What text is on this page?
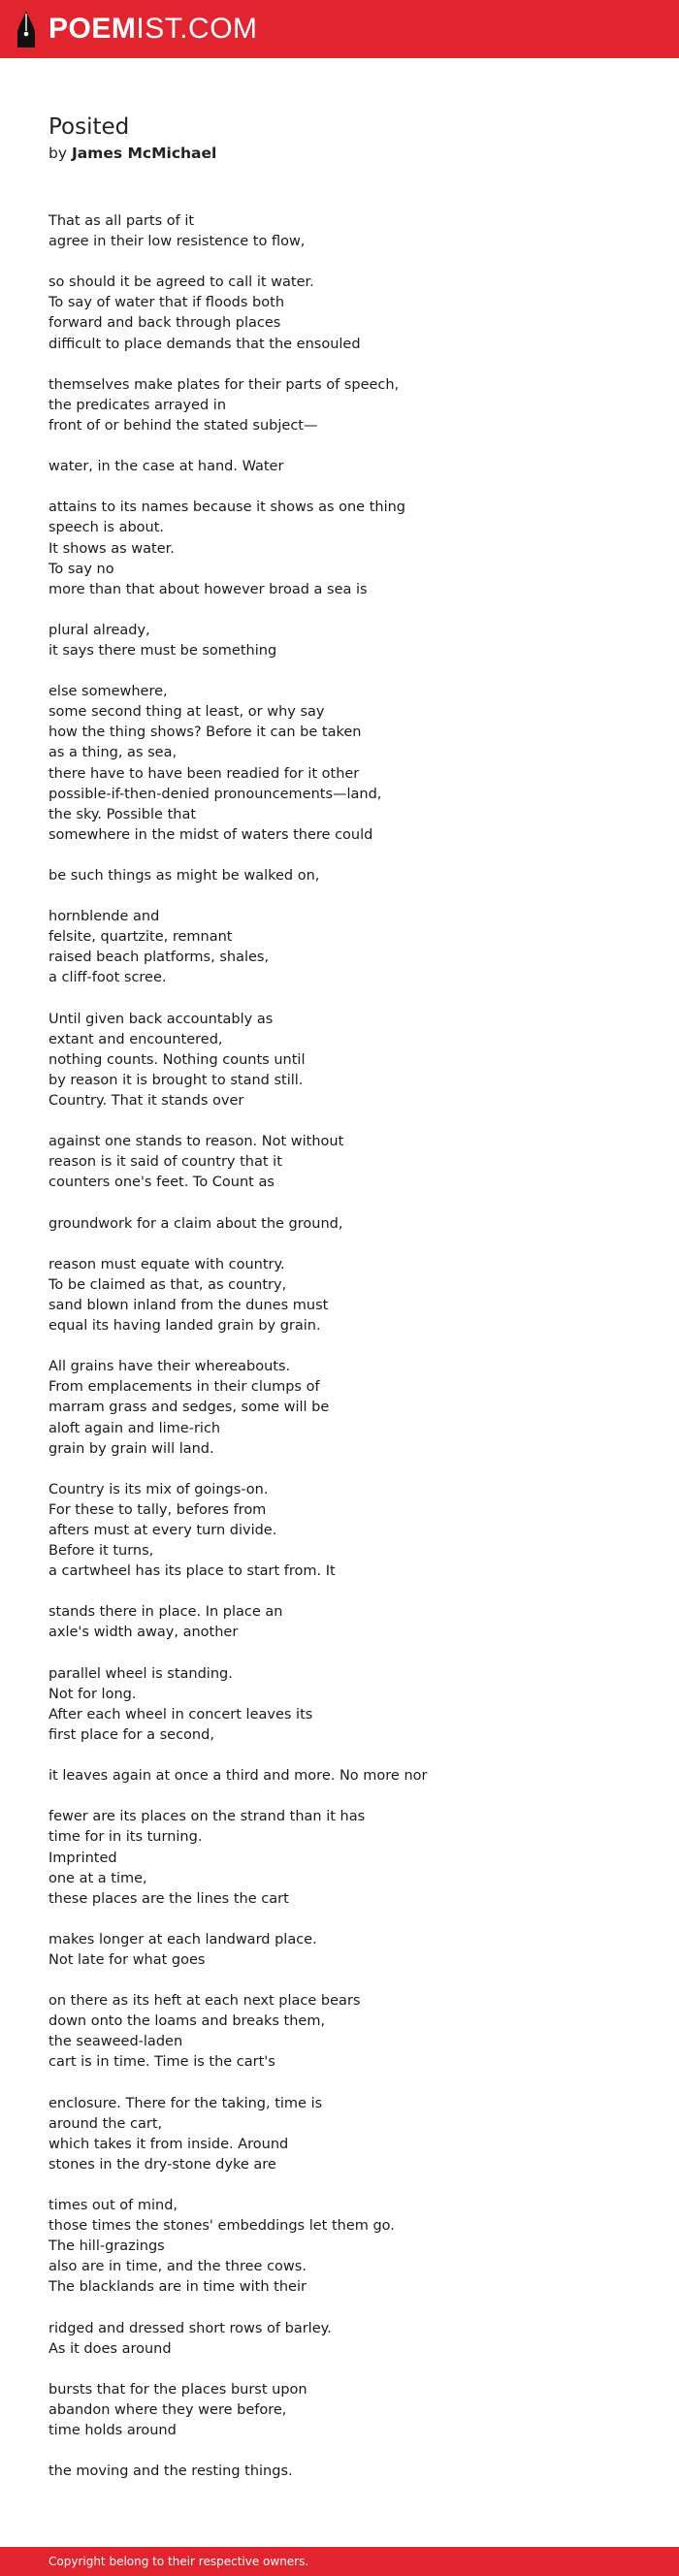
POEMIST.COM
Posited
by James McMichael
That as all parts of it
agree in their low resistence to flow,
so should it be agreed to call it water.
To say of water that if floods both
forward and back through places
difficult to place demands that the ensouled
themselves make plates for their parts of speech,
the predicates arrayed in
front of or behind the stated subject—
water, in the case at hand. Water
attains to its names because it shows as one thing
speech is about.
It shows as water.
To say no
more than that about however broad a sea is
plural already,
it says there must be something
else somewhere,
some second thing at least, or why say
how the thing shows? Before it can be taken
as a thing, as sea,
there have to have been readied for it other
possible-if-then-denied pronouncements—land,
the sky. Possible that
somewhere in the midst of waters there could
be such things as might be walked on,
hornblende and
felsite, quartzite, remnant
raised beach platforms, shales,
a cliff-foot scree.
Until given back accountably as
extant and encountered,
nothing counts. Nothing counts until
by reason it is brought to stand still.
Country. That it stands over
against one stands to reason. Not without
reason is it said of country that it
counters one's feet. To Count as
groundwork for a claim about the ground,
reason must equate with country.
To be claimed as that, as country,
sand blown inland from the dunes must
equal its having landed grain by grain.
All grains have their whereabouts.
From emplacements in their clumps of
marram grass and sedges, some will be
aloft again and lime-rich
grain by grain will land.
Country is its mix of goings-on.
For these to tally, befores from
afters must at every turn divide.
Before it turns,
a cartwheel has its place to start from. It
stands there in place. In place an
axle's width away, another
parallel wheel is standing.
Not for long.
After each wheel in concert leaves its
first place for a second,
it leaves again at once a third and more. No more nor
fewer are its places on the strand than it has
time for in its turning.
Imprinted
one at a time,
these places are the lines the cart
makes longer at each landward place.
Not late for what goes
on there as its heft at each next place bears
down onto the loams and breaks them,
the seaweed-laden
cart is in time. Time is the cart's
enclosure. There for the taking, time is
around the cart,
which takes it from inside. Around
stones in the dry-stone dyke are
times out of mind,
those times the stones' embeddings let them go.
The hill-grazings
also are in time, and the three cows.
The blacklands are in time with their
ridged and dressed short rows of barley.
As it does around
bursts that for the places burst upon
abandon where they were before,
time holds around
the moving and the resting things.
Copyright belong to their respective owners.
